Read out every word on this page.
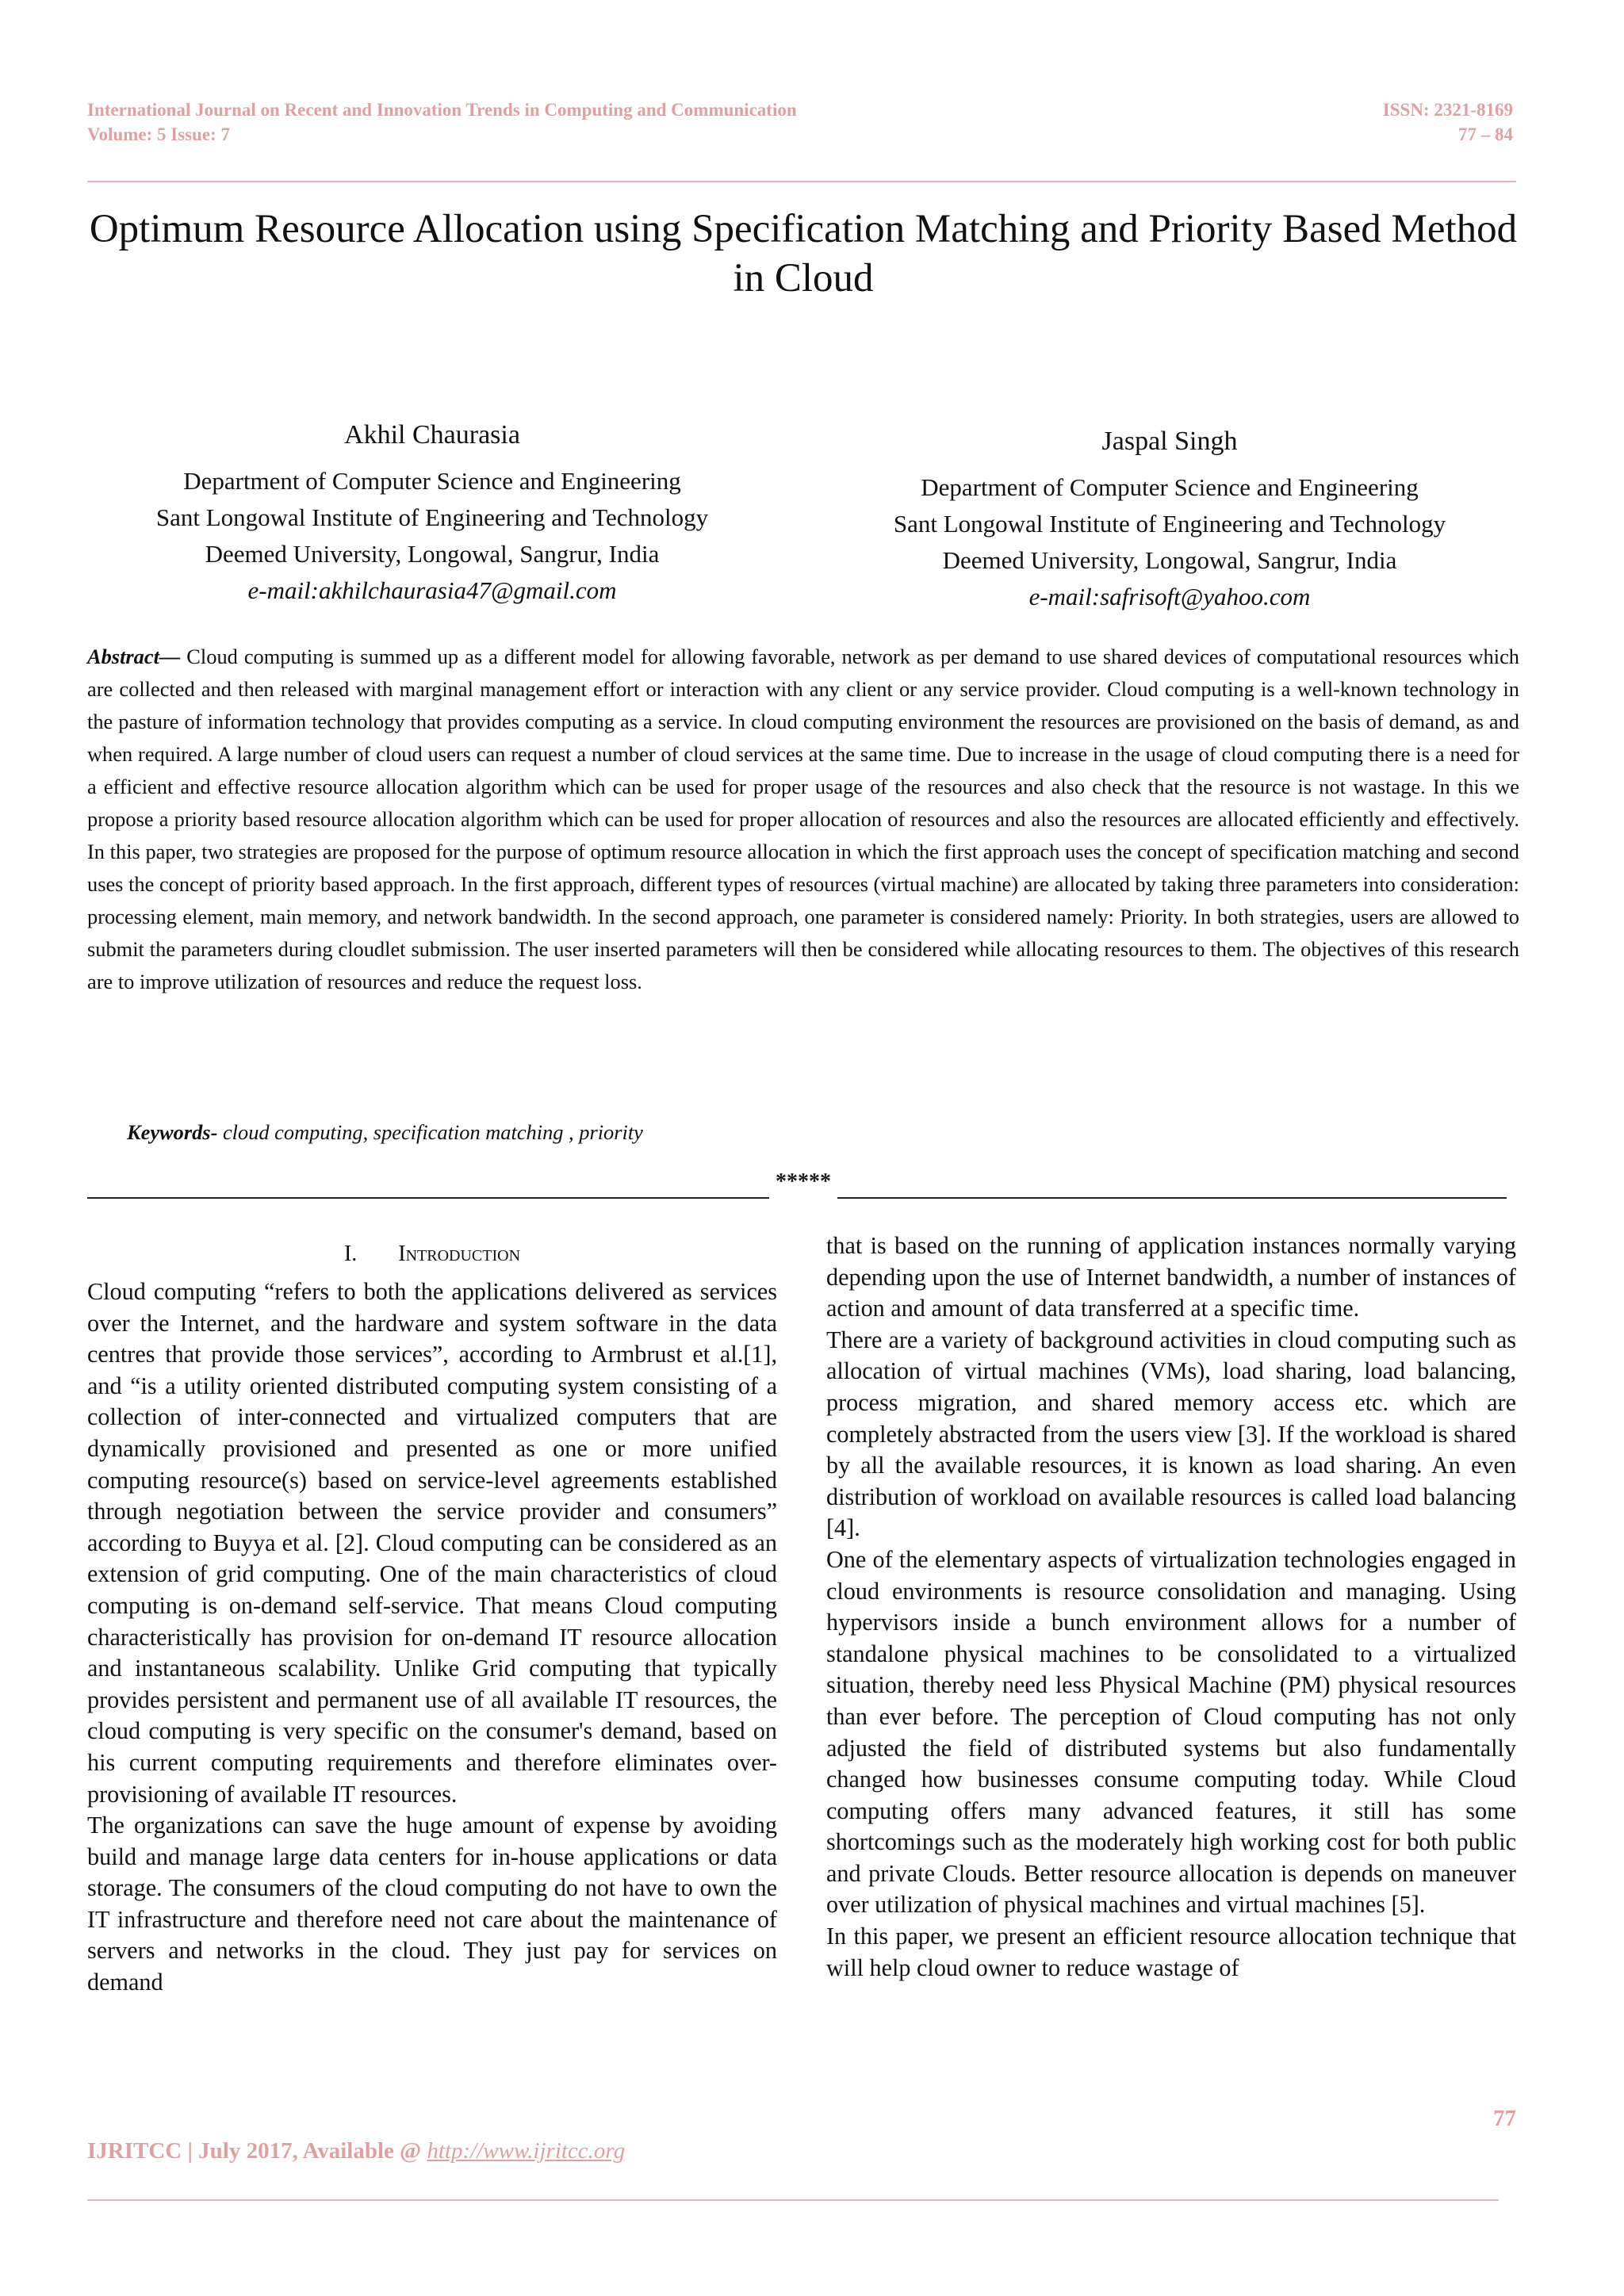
International Journal on Recent and Innovation Trends in Computing and Communication
Volume: 5 Issue: 7
ISSN: 2321-8169
77 – 84
Optimum Resource Allocation using Specification Matching and Priority Based Method in Cloud
Akhil Chaurasia
Department of Computer Science and Engineering
Sant Longowal Institute of Engineering and Technology
Deemed University, Longowal, Sangrur, India
e-mail:akhilchaurasia47@gmail.com
Jaspal Singh
Department of Computer Science and Engineering
Sant Longowal Institute of Engineering and Technology
Deemed University, Longowal, Sangrur, India
e-mail:safrisoft@yahoo.com
Abstract— Cloud computing is summed up as a different model for allowing favorable, network as per demand to use shared devices of computational resources which are collected and then released with marginal management effort or interaction with any client or any service provider. Cloud computing is a well-known technology in the pasture of information technology that provides computing as a service. In cloud computing environment the resources are provisioned on the basis of demand, as and when required. A large number of cloud users can request a number of cloud services at the same time. Due to increase in the usage of cloud computing there is a need for a efficient and effective resource allocation algorithm which can be used for proper usage of the resources and also check that the resource is not wastage. In this we propose a priority based resource allocation algorithm which can be used for proper allocation of resources and also the resources are allocated efficiently and effectively. In this paper, two strategies are proposed for the purpose of optimum resource allocation in which the first approach uses the concept of specification matching and second uses the concept of priority based approach. In the first approach, different types of resources (virtual machine) are allocated by taking three parameters into consideration: processing element, main memory, and network bandwidth. In the second approach, one parameter is considered namely: Priority. In both strategies, users are allowed to submit the parameters during cloudlet submission. The user inserted parameters will then be considered while allocating resources to them. The objectives of this research are to improve utilization of resources and reduce the request loss.
Keywords- cloud computing, specification matching , priority
*****
I. Introduction

Cloud computing “refers to both the applications delivered as services over the Internet, and the hardware and system software in the data centres that provide those services”, according to Armbrust et al.[1], and “is a utility oriented distributed computing system consisting of a collection of inter-connected and virtualized computers that are dynamically provisioned and presented as one or more unified computing resource(s) based on service-level agreements established through negotiation between the service provider and consumers” according to Buyya et al. [2]. Cloud computing can be considered as an extension of grid computing. One of the main characteristics of cloud computing is on-demand self-service. That means Cloud computing characteristically has provision for on-demand IT resource allocation and instantaneous scalability. Unlike Grid computing that typically provides persistent and permanent use of all available IT resources, the cloud computing is very specific on the consumer's demand, based on his current computing requirements and therefore eliminates over-provisioning of available IT resources.

The organizations can save the huge amount of expense by avoiding build and manage large data centers for in-house applications or data storage. The consumers of the cloud computing do not have to own the IT infrastructure and therefore need not care about the maintenance of servers and networks in the cloud. They just pay for services on demand

that is based on the running of application instances normally varying depending upon the use of Internet bandwidth, a number of instances of action and amount of data transferred at a specific time.

There are a variety of background activities in cloud computing such as allocation of virtual machines (VMs), load sharing, load balancing, process migration, and shared memory access etc. which are completely abstracted from the users view [3]. If the workload is shared by all the available resources, it is known as load sharing. An even distribution of workload on available resources is called load balancing [4].

One of the elementary aspects of virtualization technologies engaged in cloud environments is resource consolidation and managing. Using hypervisors inside a bunch environment allows for a number of standalone physical machines to be consolidated to a virtualized situation, thereby need less Physical Machine (PM) physical resources than ever before. The perception of Cloud computing has not only adjusted the field of distributed systems but also fundamentally changed how businesses consume computing today. While Cloud computing offers many advanced features, it still has some shortcomings such as the moderately high working cost for both public and private Clouds. Better resource allocation is depends on maneuver over utilization of physical machines and virtual machines [5].

In this paper, we present an efficient resource allocation technique that will help cloud owner to reduce wastage of

77
IJRITCC | July 2017, Available @ http://www.ijritcc.org
